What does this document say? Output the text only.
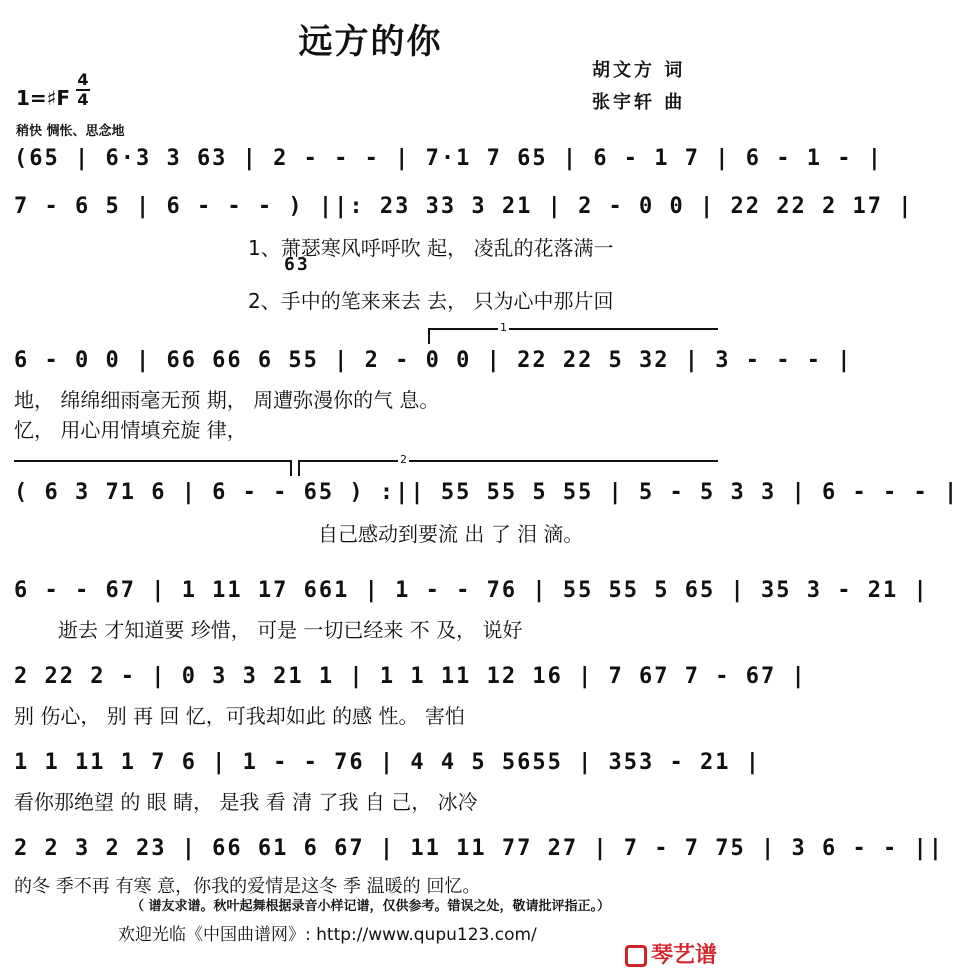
远方的你
胡文方 词
张宇轩 曲
1=♯F
4
4
稍快 惆怅、思念地
(65 | 6·3 3 63 | 2 - - - | 7·1 7 65 | 6 - 1 7 | 6 - 1 - |
7 - 6 5 | 6 - - - ) ||: 23 33 3 21 | 2 - 0 0 | 22 22 2 17 |
1、萧瑟寒风呼呼吹 起， 凌乱的花落满一
63
2、手中的笔来来去 去， 只为心中那片回
1
6 - 0 0 | 66 66 6 55 | 2 - 0 0 | 22 22 5 32 | 3 - - - |
地， 绵绵细雨毫无预 期， 周遭弥漫你的气 息。
忆， 用心用情填充旋 律，
2
( 6 3 71 6 | 6 - - 65 ) :|| 55 55 5 55 | 5 - 5 3 3 | 6 - - - |
自己感动到要流 出 了 泪 滴。
6 - - 67 | 1 11 17 661 | 1 - - 76 | 55 55 5 65 | 35 3 - 21 |
逝去 才知道要 珍惜， 可是 一切已经来 不 及， 说好
2 22 2 - | 0 3 3 21 1 | 1 1 11 12 16 | 7 67 7 - 67 |
别 伤心， 别 再 回 忆，可我却如此 的感 性。 害怕
1 1 11 1 7 6 | 1 - - 76 | 4 4 5 5655 | 353 - 21 |
看你那绝望 的 眼 睛， 是我 看 清 了我 自 己， 冰冷
2 2 3 2 23 | 66 61 6 67 | 11 11 77 27 | 7 - 7 75 | 3 6 - - ||
的冬 季不再 有寒 意，你我的爱情是这冬 季 温暖的 回忆。
（ 谱友求谱。秋叶起舞根据录音小样记谱，仅供参考。错误之处，敬请批评指正。）
欢迎光临《中国曲谱网》: http://www.qupu123.com/
琴艺谱
